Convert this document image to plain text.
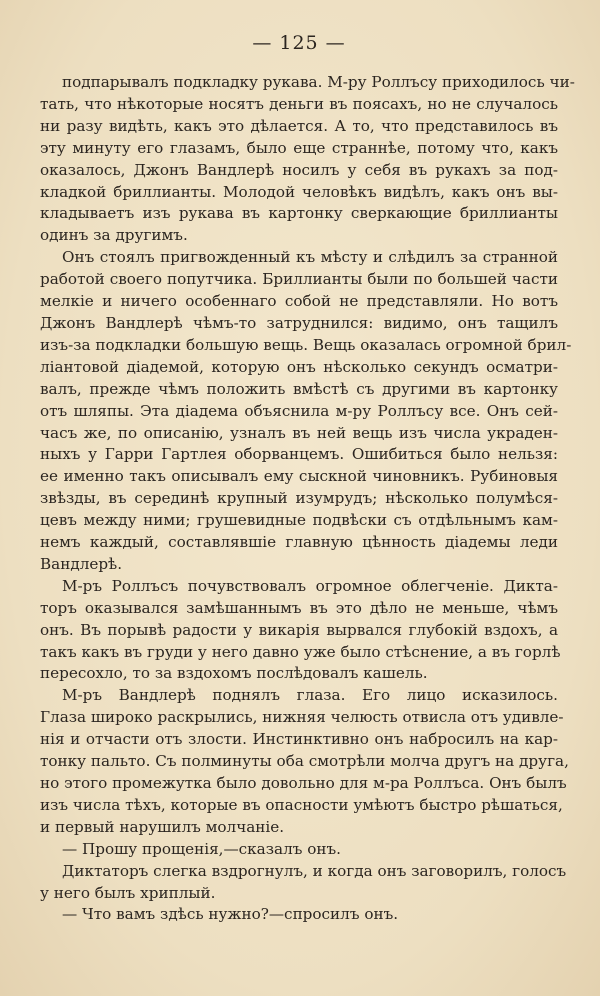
— 125 —

подпарывалъ подкладку рукава. М-ру Роллъсу приходилось чи-
тать, что нѣкоторые носятъ деньги въ поясахъ, но не случалось
ни разу видѣть, какъ это дѣлается. А то, что представилось въ
эту минуту его глазамъ, было еще страннѣе, потому что, какъ
оказалось, Джонъ Вандлерѣ носилъ у себя въ рукахъ за под-
кладкой бриллианты. Молодой человѣкъ видѣлъ, какъ онъ вы-
кладываетъ изъ рукава въ картонку сверкающие бриллианты
одинъ за другимъ.

Онъ стоялъ пригвожденный къ мѣсту и слѣдилъ за странной
работой своего попутчика. Бриллианты были по большей части
мелкіе и ничего особеннаго собой не представляли. Но вотъ
Джонъ Вандлерѣ чѣмъ-то затруднился: видимо, онъ тащилъ
изъ-за подкладки большую вещь. Вещь оказалась огромной брил-
ліантовой діадемой, которую онъ нѣсколько секундъ осматри-
валъ, прежде чѣмъ положить вмѣстѣ съ другими въ картонку
отъ шляпы. Эта діадема объяснила м-ру Роллъсу все. Онъ сей-
часъ же, по описанію, узналъ въ ней вещь изъ числа украден-
ныхъ у Гарри Гартлея оборванцемъ. Ошибиться было нельзя:
ее именно такъ описывалъ ему сыскной чиновникъ. Рубиновыя
звѣзды, въ серединѣ крупный изумрудъ; нѣсколько полумѣся-
цевъ между ними; грушевидные подвѣски съ отдѣльнымъ кам-
немъ каждый, составлявшіе главную цѣнность діадемы леди
Вандлерѣ.

М-ръ Роллъсъ почувствовалъ огромное облегченіе. Дикта-
торъ оказывался замѣшаннымъ въ это дѣло не меньше, чѣмъ
онъ. Въ порывѣ радости у викарія вырвался глубокій вздохъ, а
такъ какъ въ груди у него давно уже было стѣснение, а въ горлѣ
пересохло, то за вздохомъ послѣдовалъ кашель.

М-ръ Вандлерѣ поднялъ глаза. Его лицо исказилось.
Глаза широко раскрылись, нижняя челюсть отвисла отъ удивле-
нія и отчасти отъ злости. Инстинктивно онъ набросилъ на кар-
тонку пальто. Съ полминуты оба смотрѣли молча другъ на друга,
но этого промежутка было довольно для м-ра Роллъса. Онъ былъ
изъ числа тѣхъ, которые въ опасности умѣютъ быстро рѣшаться,
и первый нарушилъ молчаніе.

— Прошу прощенія,—сказалъ онъ.

Диктаторъ слегка вздрогнулъ, и когда онъ заговорилъ, голосъ
у него былъ хриплый.

— Что вамъ здѣсь нужно?—спросилъ онъ.
